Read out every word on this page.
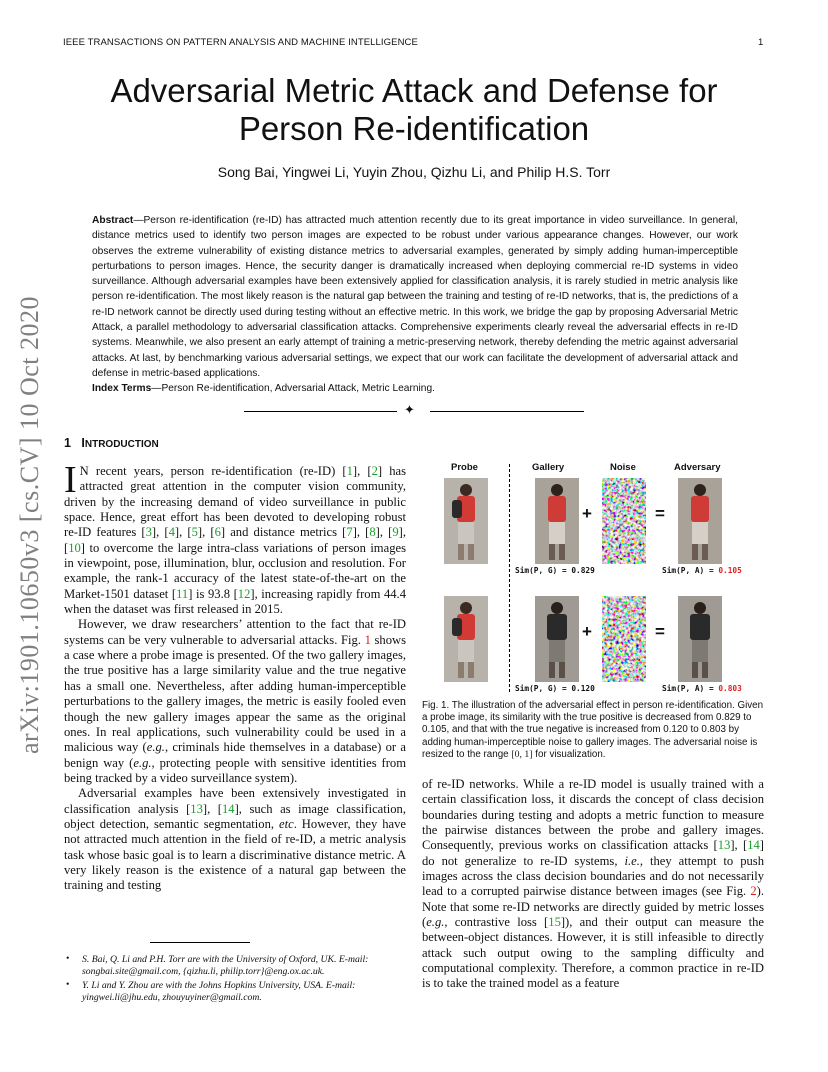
IEEE TRANSACTIONS ON PATTERN ANALYSIS AND MACHINE INTELLIGENCE	1
Adversarial Metric Attack and Defense for Person Re-identification
Song Bai, Yingwei Li, Yuyin Zhou, Qizhu Li, and Philip H.S. Torr
Abstract—Person re-identification (re-ID) has attracted much attention recently due to its great importance in video surveillance. In general, distance metrics used to identify two person images are expected to be robust under various appearance changes. However, our work observes the extreme vulnerability of existing distance metrics to adversarial examples, generated by simply adding human-imperceptible perturbations to person images. Hence, the security danger is dramatically increased when deploying commercial re-ID systems in video surveillance. Although adversarial examples have been extensively applied for classification analysis, it is rarely studied in metric analysis like person re-identification. The most likely reason is the natural gap between the training and testing of re-ID networks, that is, the predictions of a re-ID network cannot be directly used during testing without an effective metric. In this work, we bridge the gap by proposing Adversarial Metric Attack, a parallel methodology to adversarial classification attacks. Comprehensive experiments clearly reveal the adversarial effects in re-ID systems. Meanwhile, we also present an early attempt of training a metric-preserving network, thereby defending the metric against adversarial attacks. At last, by benchmarking various adversarial settings, we expect that our work can facilitate the development of adversarial attack and defense in metric-based applications.
Index Terms—Person Re-identification, Adversarial Attack, Metric Learning.
✦
arXiv:1901.10650v3 [cs.CV] 10 Oct 2020 1 INTRODUCTION

I N recent years, person re-identification (re-ID) [1], [2] has attracted great attention in the computer vision community, driven by the increasing demand of video surveillance in public space. Hence, great effort has been devoted to developing robust re-ID features [3], [4], [5], [6] and distance metrics [7], [8], [9], [10] to overcome the large intra-class variations of person images in viewpoint, pose, illumination, blur, occlusion and resolution. For example, the rank-1 accuracy of the latest state-of-the-art on the Market-1501 dataset [11] is 93.8 [12], increasing rapidly from 44.4 when the dataset was first released in 2015.

However, we draw researchers’ attention to the fact that re-ID systems can be very vulnerable to adversarial attacks. Fig. 1 shows a case where a probe image is presented. Of the two gallery images, the true positive has a large similarity value and the true negative has a small one. Nevertheless, after adding human-imperceptible perturbations to the gallery images, the metric is easily fooled even though the new gallery images appear the same as the original ones. In real applications, such vulnerability could be used in a malicious way (e.g., criminals hide themselves in a database) or a benign way (e.g., protecting people with sensitive identities from being tracked by a video surveillance system).

Adversarial examples have been extensively investigated in classification analysis [13], [14], such as image classification, object detection, semantic segmentation, etc. However, they have not attracted much attention in the field of re-ID, a metric analysis task whose basic goal is to learn a discriminative distance metric. A very likely reason is the existence of a natural gap between the training and testing

• S. Bai, Q. Li and P.H. Torr are with the University of Oxford, UK. E-mail: songbai.site@gmail.com, {qizhu.li, philip.torr}@eng.ox.ac.uk.
• Y. Li and Y. Zhou are with the Johns Hopkins University, USA. E-mail: yingwei.li@jhu.edu, zhouyuyiner@gmail.com.
Probe	Gallery	Noise	Adversary
+	=
Sim(P, G) = 0.829	Sim(P, A) = 0.105
+	=
Sim(P, G) = 0.120	Sim(P, A) = 0.803
Fig. 1. The illustration of the adversarial effect in person re-identification. Given a probe image, its similarity with the true positive is decreased from 0.829 to 0.105, and that with the true negative is increased from 0.120 to 0.803 by adding human-imperceptible noise to gallery images. The adversarial noise is resized to the range [0, 1] for visualization.

of re-ID networks. While a re-ID model is usually trained with a certain classification loss, it discards the concept of class decision boundaries during testing and adopts a metric function to measure the pairwise distances between the probe and gallery images. Consequently, previous works on classification attacks [13], [14] do not generalize to re-ID systems, i.e., they attempt to push images across the class decision boundaries and do not necessarily lead to a corrupted pairwise distance between images (see Fig. 2). Note that some re-ID networks are directly guided by metric losses (e.g., contrastive loss [15]), and their output can measure the between-object distances. However, it is still infeasible to directly attack such output owing to the sampling difficulty and computational complexity. Therefore, a common practice in re-ID is to take the trained model as a feature
